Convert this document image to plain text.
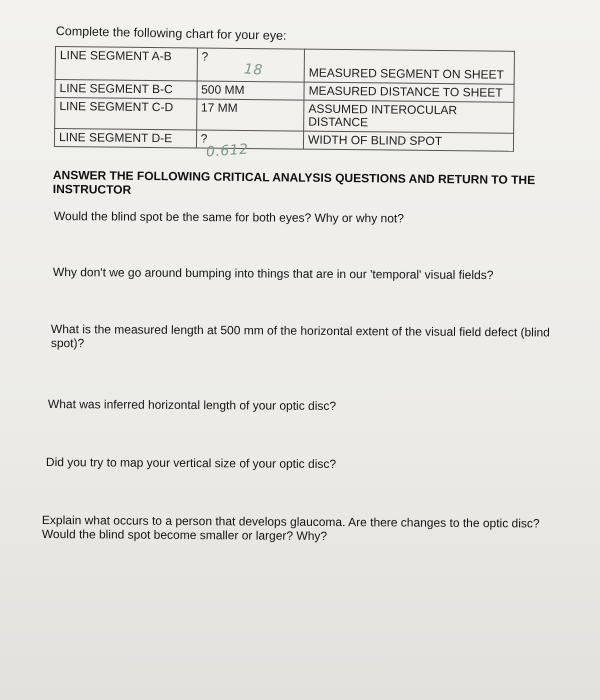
Complete the following chart for your eye:
LINE SEGMENT A-B	?	MEASURED SEGMENT ON SHEET
LINE SEGMENT B-C	500 MM	MEASURED DISTANCE TO SHEET
LINE SEGMENT C-D	17 MM	ASSUMED INTEROCULAR DISTANCE
LINE SEGMENT D-E	?	WIDTH OF BLIND SPOT
18
0.612
ANSWER THE FOLLOWING CRITICAL ANALYSIS QUESTIONS AND RETURN TO THE INSTRUCTOR
Would the blind spot be the same for both eyes? Why or why not?
Why don't we go around bumping into things that are in our 'temporal' visual fields?
What is the measured length at 500 mm of the horizontal extent of the visual field defect (blind spot)?
What was inferred horizontal length of your optic disc?
Did you try to map your vertical size of your optic disc?
Explain what occurs to a person that develops glaucoma. Are there changes to the optic disc? Would the blind spot become smaller or larger? Why?
